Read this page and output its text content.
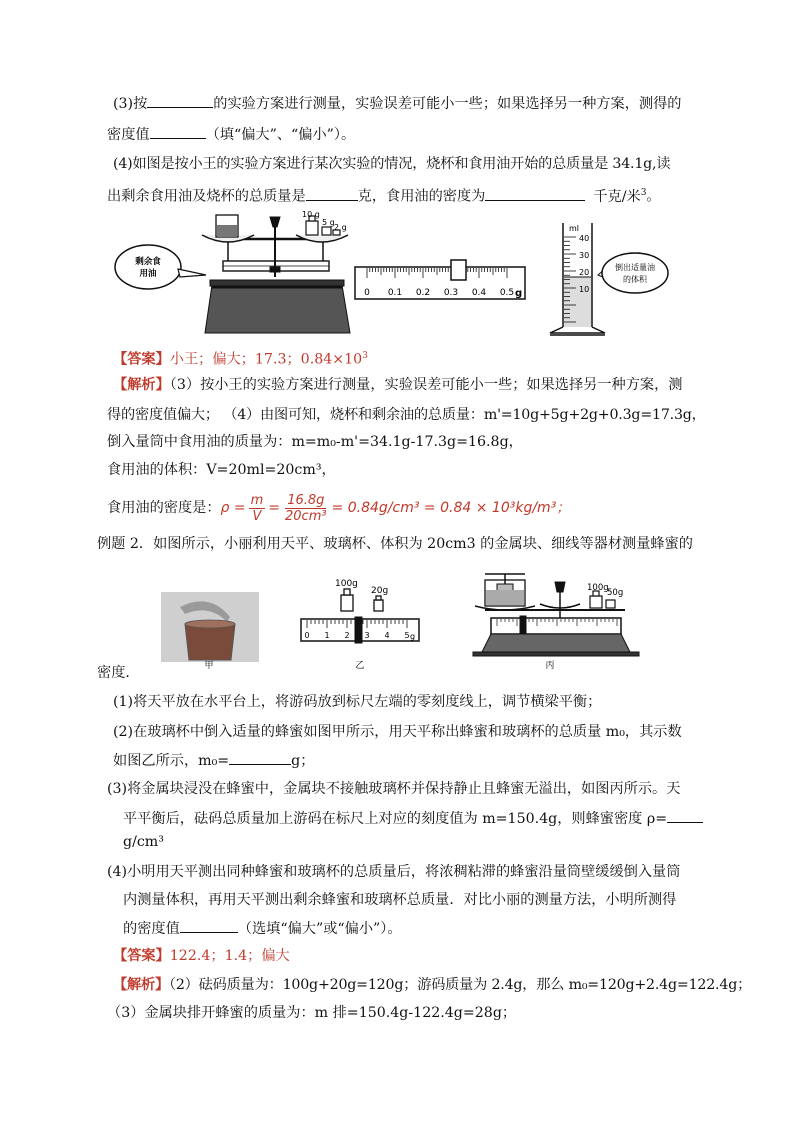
(3)按	的实验方案进行测量，实验误差可能小一些；如果选择另一种方案，测得的
密度值	（填“偏大”、“偏小”）。
(4)如图是按小王的实验方案进行某次实验的情况，烧杯和食用油开始的总质量是 34.1g,读
出剩余食用油及烧杯的总质量是	克，食用油的密度为	千克/米$^3$。
剩余食
用油
10 g
5 g
2 g
0 0.1 0.2 0.3 0.4 0.5 g
ml
40
30
20
10
倒出适量油
的体积
【答案】小王；偏大；17.3；$0.84\times 10^3$
【解析】（3）按小王的实验方案进行测量，实验误差可能小一些；如果选择另一种方案，测
得的密度值偏大； （4）由图可知，烧杯和剩余油的总质量：m'=10g+5g+2g+0.3g=17.3g，
倒入量筒中食用油的质量为：m=m₀-m'=34.1g-17.3g=16.8g，
食用油的体积：V=20ml=20cm³，
食用油的密度是：$\rho = \frac{m}{V} = \frac{16.8g}{\text{20cm³}} = 0.84g/cm^3 = 0.84 \times 10^3kg/m^3$；
例题 2．如图所示，小丽利用天平、玻璃杯、体积为 20cm3 的金属块、细线等器材测量蜂蜜的
甲
100g
20g
0 1 2 3 4 5 g
乙
100g
50g
丙
密度．
(1)将天平放在水平台上，将游码放到标尺左端的零刻度线上，调节横梁平衡；
(2)在玻璃杯中倒入适量的蜂蜜如图甲所示，用天平称出蜂蜜和玻璃杯的总质量 m₀，其示数
如图乙所示，m₀=	g；
(3)将金属块浸没在蜂蜜中，金属块不接触玻璃杯并保持静止且蜂蜜无溢出，如图丙所示。天
平平衡后，砝码总质量加上游码在标尺上对应的刻度值为 m=150.4g，则蜂蜜密度 ρ=
g/cm³
(4)小明用天平测出同种蜂蜜和玻璃杯的总质量后，将浓稠粘滞的蜂蜜沿量筒壁缓缓倒入量筒
内测量体积，再用天平测出剩余蜂蜜和玻璃杯总质量．对比小丽的测量方法，小明所测得
的密度值	（选填“偏大”或“偏小”）。
【答案】122.4；1.4；偏大
【解析】（2）砝码质量为：100g+20g=120g；游码质量为 2.4g，那么 m₀=120g+2.4g=122.4g；
（3）金属块排开蜂蜜的质量为：m 排=150.4g-122.4g=28g；
